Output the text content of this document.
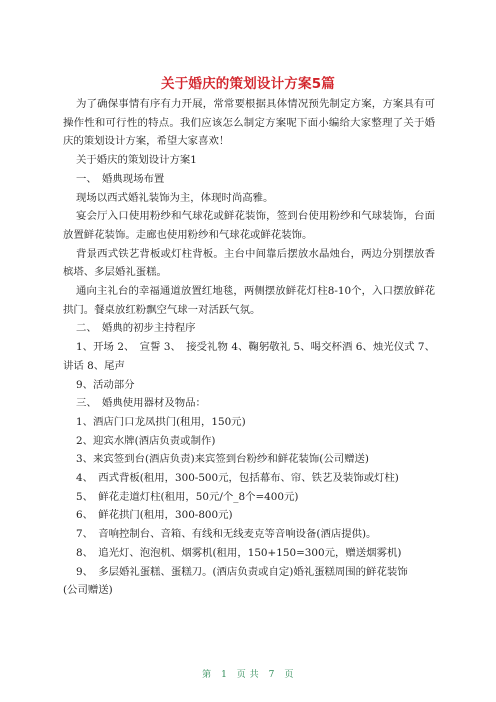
关于婚庆的策划设计方案5篇

为了确保事情有序有力开展，常常要根据具体情况预先制定方案，方案具有可操作性和可行性的特点。我们应该怎么制定方案呢下面小编给大家整理了关于婚庆的策划设计方案，希望大家喜欢！

关于婚庆的策划设计方案1

一、　婚典现场布置

现场以西式婚礼装饰为主，体现时尚高雅。

宴会厅入口使用粉纱和气球花或鲜花装饰，签到台使用粉纱和气球装饰，台面放置鲜花装饰。走廊也使用粉纱和气球花或鲜花装饰。

背景西式铁艺背板或灯柱背板。主台中间靠后摆放水晶烛台，两边分别摆放香槟塔、多层婚礼蛋糕。

通向主礼台的幸福通道放置红地毯，两侧摆放鲜花灯柱8-10个，入口摆放鲜花拱门。餐桌放红粉飘空气球一对活跃气氛。

二、　婚典的初步主持程序

1、开场 2、　宣誓 3、　接受礼物 4、鞠躬敬礼 5、喝交杯酒 6、烛光仪式 7、讲话 8、尾声

9、活动部分

三、　婚典使用器材及物品：

1、酒店门口龙凤拱门(租用，150元)

2、迎宾水牌(酒店负责或制作)

3、来宾签到台(酒店负责)来宾签到台粉纱和鲜花装饰(公司赠送)

4、　西式背板(租用，300-500元，包括幕布、帘、铁艺及装饰或灯柱)

5、　鲜花走道灯柱(租用，50元/个_8个=400元)

6、　鲜花拱门(租用，300-800元)

7、　音响控制台、音箱、有线和无线麦克等音响设备(酒店提供)。

8、　追光灯、泡泡机、烟雾机(租用，150+150=300元，赠送烟雾机)

9、　多层婚礼蛋糕、蛋糕刀。(酒店负责或自定)婚礼蛋糕周围的鲜花装饰

(公司赠送)

第　1　页 共　7　页
